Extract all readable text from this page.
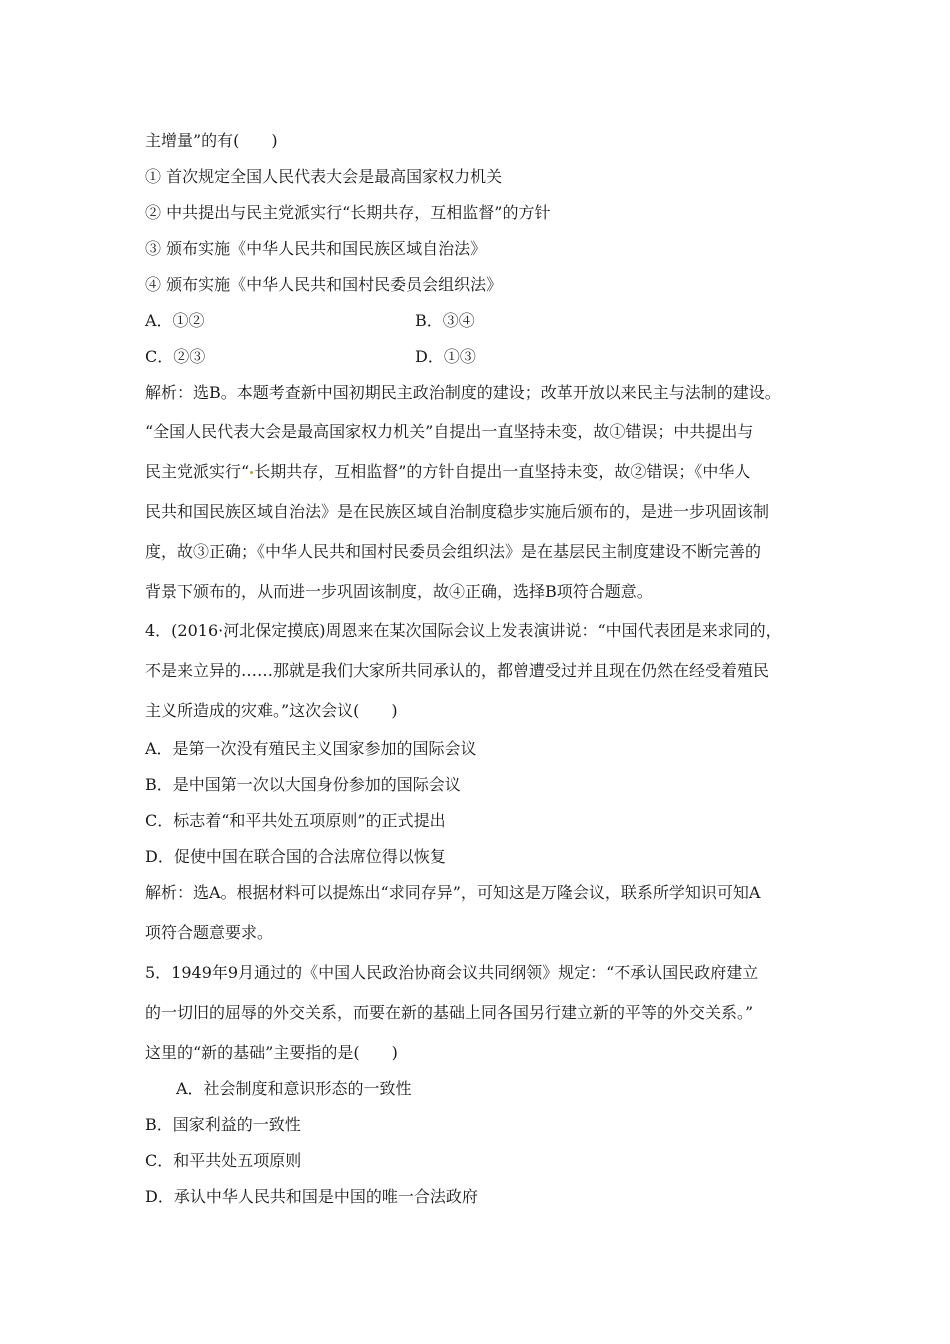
主增量”的有(　　)
① 首次规定全国人民代表大会是最高国家权力机关
② 中共提出与民主党派实行“长期共存，互相监督”的方针
③ 颁布实施《中华人民共和国民族区域自治法》
④ 颁布实施《中华人民共和国村民委员会组织法》
A．①②	B．③④
C．②③	D．①③
解析：选B。本题考查新中国初期民主政治制度的建设；改革开放以来民主与法制的建设。
“全国人民代表大会是最高国家权力机关”自提出一直坚持未变，故①错误；中共提出与
民主党派实行“ 长期共存，互相监督”的方针自提出一直坚持未变，故②错误；《中华人
民共和国民族区域自治法》是在民族区域自治制度稳步实施后颁布的，是进一步巩固该制
度，故③正确；《中华人民共和国村民委员会组织法》是在基层民主制度建设不断完善的
背景下颁布的，从而进一步巩固该制度，故④正确，选择B项符合题意。
4．(2016·河北保定摸底)周恩来在某次国际会议上发表演讲说：“中国代表团是来求同的，
不是来立异的……那就是我们大家所共同承认的，都曾遭受过并且现在仍然在经受着殖民
主义所造成的灾难。”这次会议(　　)
A．是第一次没有殖民主义国家参加的国际会议
B．是中国第一次以大国身份参加的国际会议
C．标志着“和平共处五项原则”的正式提出
D．促使中国在联合国的合法席位得以恢复
解析：选A。根据材料可以提炼出“求同存异”，可知这是万隆会议，联系所学知识可知A
项符合题意要求。
5．1949年9月通过的《中国人民政治协商会议共同纲领》规定：“不承认国民政府建立
的一切旧的屈辱的外交关系，而要在新的基础上同各国另行建立新的平等的外交关系。”
这里的“新的基础”主要指的是(　　)
A．社会制度和意识形态的一致性
B．国家利益的一致性
C．和平共处五项原则
D．承认中华人民共和国是中国的唯一合法政府
